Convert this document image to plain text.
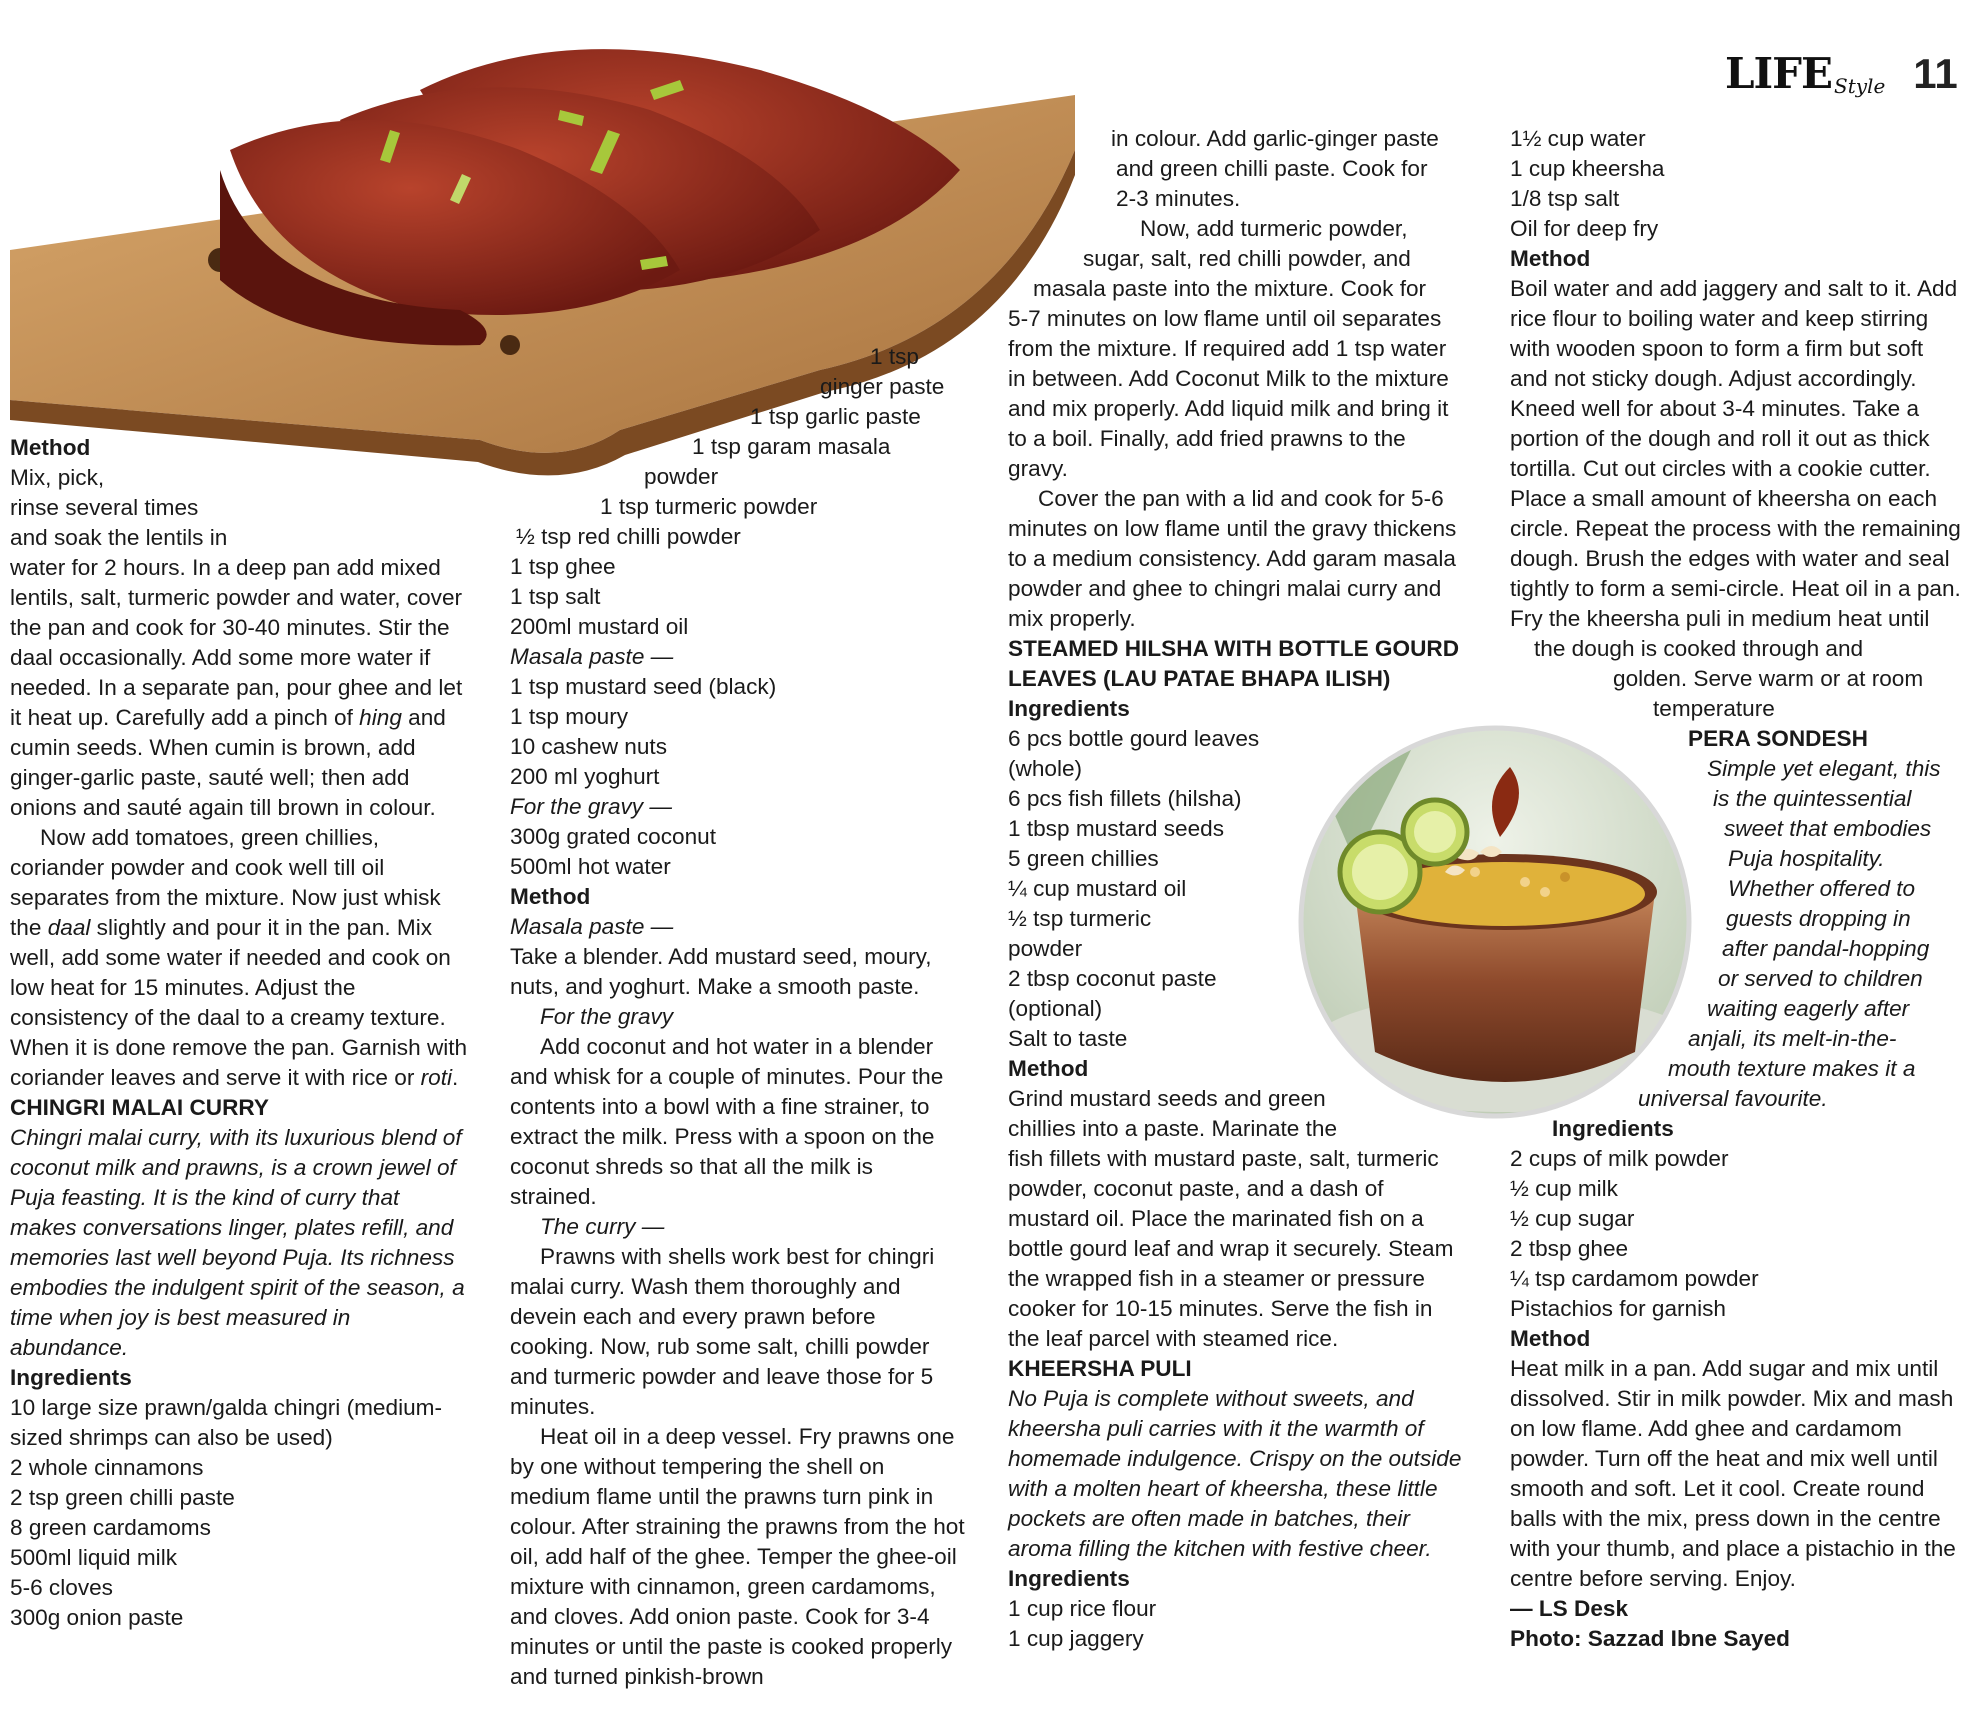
LIFE Style 11

Method

Mix, pick,
rinse several times
and soak the lentils in

water for 2 hours. In a deep pan add mixed lentils, salt, turmeric powder and water, cover the pan and cook for 30-40 minutes. Stir the daal occasionally. Add some more water if needed. In a separate pan, pour ghee and let it heat up. Carefully add a pinch of hing and cumin seeds. When cumin is brown, add ginger-garlic paste, sauté well; then add onions and sauté again till brown in colour.

Now add tomatoes, green chillies, coriander powder and cook well till oil separates from the mixture. Now just whisk the daal slightly and pour it in the pan. Mix well, add some water if needed and cook on low heat for 15 minutes. Adjust the consistency of the daal to a creamy texture. When it is done remove the pan. Garnish with coriander leaves and serve it with rice or roti.

CHINGRI MALAI CURRY

Chingri malai curry, with its luxurious blend of coconut milk and prawns, is a crown jewel of Puja feasting. It is the kind of curry that makes conversations linger, plates refill, and memories last well beyond Puja. Its richness embodies the indulgent spirit of the season, a time when joy is best measured in abundance.

Ingredients

10 large size prawn/galda chingri (medium-sized shrimps can also be used)

2 whole cinnamons

2 tsp green chilli paste

8 green cardamoms

500ml liquid milk

5-6 cloves

300g onion paste

1 tsp
ginger paste
1 tsp garlic paste
1 tsp garam masala
powder
1 tsp turmeric powder
½ tsp red chilli powder

1 tsp ghee

1 tsp salt

200ml mustard oil

Masala paste —

1 tsp mustard seed (black)

1 tsp moury

10 cashew nuts

200 ml yoghurt

For the gravy —

300g grated coconut

500ml hot water

Method

Masala paste —

Take a blender. Add mustard seed, moury, nuts, and yoghurt. Make a smooth paste.

For the gravy

Add coconut and hot water in a blender and whisk for a couple of minutes. Pour the contents into a bowl with a fine strainer, to extract the milk. Press with a spoon on the coconut shreds so that all the milk is strained.

The curry —

Prawns with shells work best for chingri malai curry. Wash them thoroughly and devein each and every prawn before cooking. Now, rub some salt, chilli powder and turmeric powder and leave those for 5 minutes.

Heat oil in a deep vessel. Fry prawns one by one without tempering the shell on medium flame until the prawns turn pink in colour. After straining the prawns from the hot oil, add half of the ghee. Temper the ghee-oil mixture with cinnamon, green cardamoms, and cloves. Add onion paste. Cook for 3-4 minutes or until the paste is cooked properly and turned pinkish-brown

in colour. Add garlic-ginger paste
and green chilli paste. Cook for
2-3 minutes.
Now, add turmeric powder,
sugar, salt, red chilli powder, and
masala paste into the mixture. Cook for

5-7 minutes on low flame until oil separates from the mixture. If required add 1 tsp water in between. Add Coconut Milk to the mixture and mix properly. Add liquid milk and bring it to a boil. Finally, add fried prawns to the gravy.

Cover the pan with a lid and cook for 5-6 minutes on low flame until the gravy thickens to a medium consistency. Add garam masala powder and ghee to chingri malai curry and mix properly.

STEAMED HILSHA WITH BOTTLE GOURD LEAVES (LAU PATAE BHAPA ILISH)

Ingredients

6 pcs bottle gourd leaves

(whole)

6 pcs fish fillets (hilsha)

1 tbsp mustard seeds

5 green chillies

¼ cup mustard oil

½ tsp turmeric

powder

2 tbsp coconut paste

(optional)

Salt to taste

Method

Grind mustard seeds and green
chillies into a paste. Marinate the

fish fillets with mustard paste, salt, turmeric powder, coconut paste, and a dash of mustard oil. Place the marinated fish on a bottle gourd leaf and wrap it securely. Steam the wrapped fish in a steamer or pressure cooker for 10-15 minutes. Serve the fish in the leaf parcel with steamed rice.

KHEERSHA PULI

No Puja is complete without sweets, and kheersha puli carries with it the warmth of homemade indulgence. Crispy on the outside with a molten heart of kheersha, these little pockets are often made in batches, their aroma filling the kitchen with festive cheer.

Ingredients

1 cup rice flour

1 cup jaggery

1½ cup water

1 cup kheersha

1/8 tsp salt

Oil for deep fry

Method

Boil water and add jaggery and salt to it. Add rice flour to boiling water and keep stirring with wooden spoon to form a firm but soft and not sticky dough. Adjust accordingly. Kneed well for about 3-4 minutes. Take a portion of the dough and roll it out as thick tortilla. Cut out circles with a cookie cutter. Place a small amount of kheersha on each circle. Repeat the process with the remaining dough. Brush the edges with water and seal tightly to form a semi-circle. Heat oil in a pan. Fry the kheersha puli in medium heat until

the dough is cooked through and
golden. Serve warm or at room
temperature

PERA SONDESH

Simple yet elegant, this
is the quintessential
sweet that embodies
Puja hospitality.
Whether offered to
guests dropping in
after pandal-hopping
or served to children
waiting eagerly after
anjali, its melt-in-the-
mouth texture makes it a
universal favourite.

Ingredients

2 cups of milk powder

½ cup milk

½ cup sugar

2 tbsp ghee

¼ tsp cardamom powder

Pistachios for garnish

Method

Heat milk in a pan. Add sugar and mix until dissolved. Stir in milk powder. Mix and mash on low flame. Add ghee and cardamom powder. Turn off the heat and mix well until smooth and soft. Let it cool. Create round balls with the mix, press down in the centre with your thumb, and place a pistachio in the centre before serving. Enjoy.

— LS Desk

Photo: Sazzad Ibne Sayed
